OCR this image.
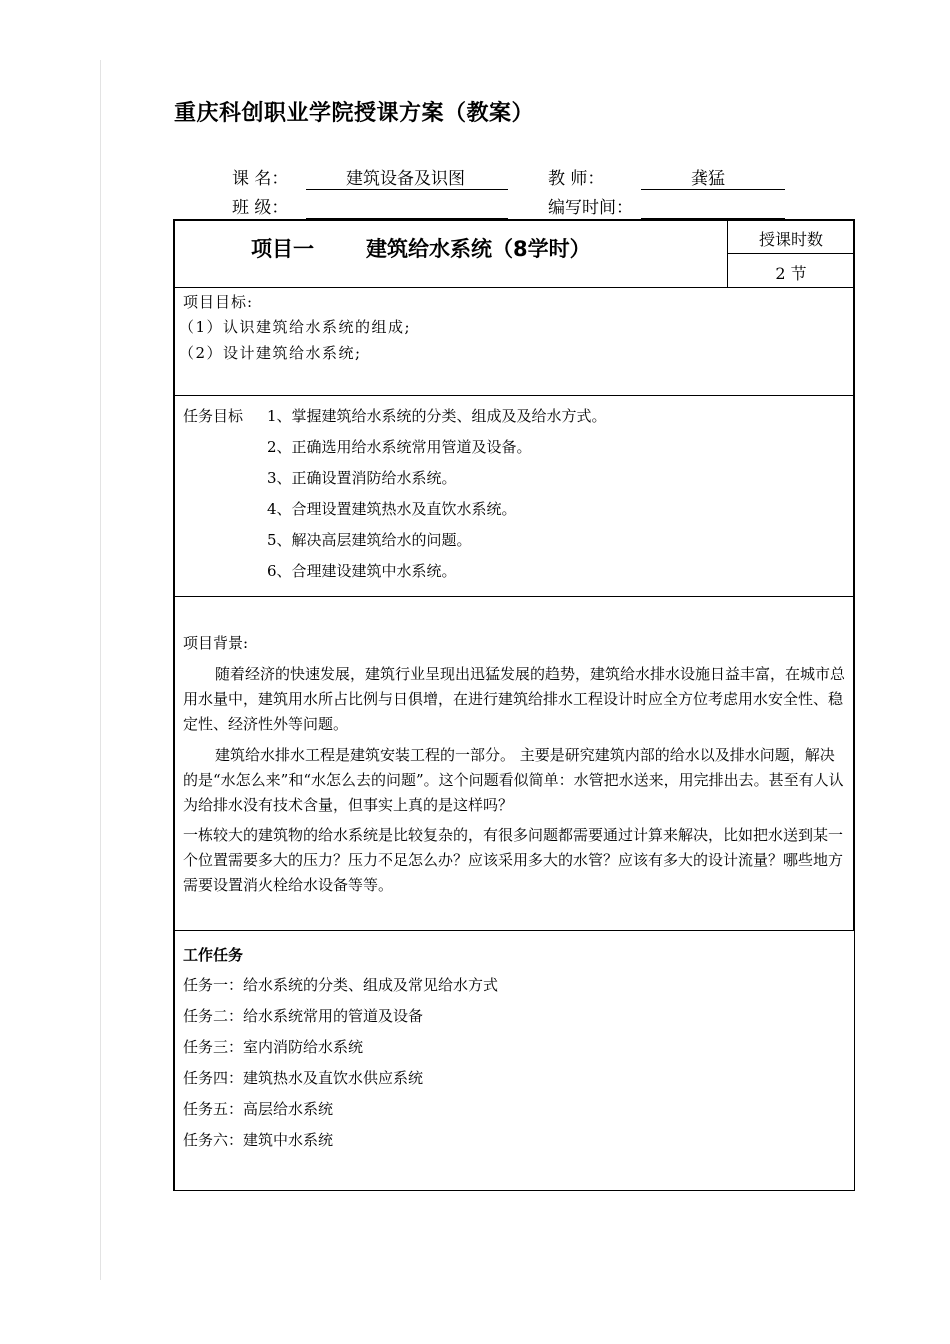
重庆科创职业学院授课方案（教案）
课 名：	建筑设备及识图	教 师：	龚猛
班 级：	编写时间：
项目一 建筑给水系统（8学时）	授课时数
2 节
项目目标:
（1）认识建筑给水系统的组成;
（2）设计建筑给水系统;
任务目标 1、掌握建筑给水系统的分类、组成及及给水方式。
2、正确选用给水系统常用管道及设备。
3、正确设置消防给水系统。
4、合理设置建筑热水及直饮水系统。
5、解决高层建筑给水的问题。
6、合理建设建筑中水系统。
项目背景:
随着经济的快速发展，建筑行业呈现出迅猛发展的趋势，建筑给水排水设施日益丰富，在城市总用水量中，建筑用水所占比例与日俱增，在进行建筑给排水工程设计时应全方位考虑用水安全性、稳定性、经济性外等问题。
建筑给水排水工程是建筑安装工程的一部分。 主要是研究建筑内部的给水以及排水问题，解决的是“水怎么来”和“水怎么去的问题”。这个问题看似简单：水管把水送来，用完排出去。甚至有人认为给排水没有技术含量，但事实上真的是这样吗？
一栋较大的建筑物的给水系统是比较复杂的，有很多问题都需要通过计算来解决，比如把水送到某一个位置需要多大的压力？压力不足怎么办？应该采用多大的水管？应该有多大的设计流量？哪些地方需要设置消火栓给水设备等等。
工作任务
任务一：给水系统的分类、组成及常见给水方式
任务二：给水系统常用的管道及设备
任务三：室内消防给水系统
任务四：建筑热水及直饮水供应系统
任务五：高层给水系统
任务六：建筑中水系统
